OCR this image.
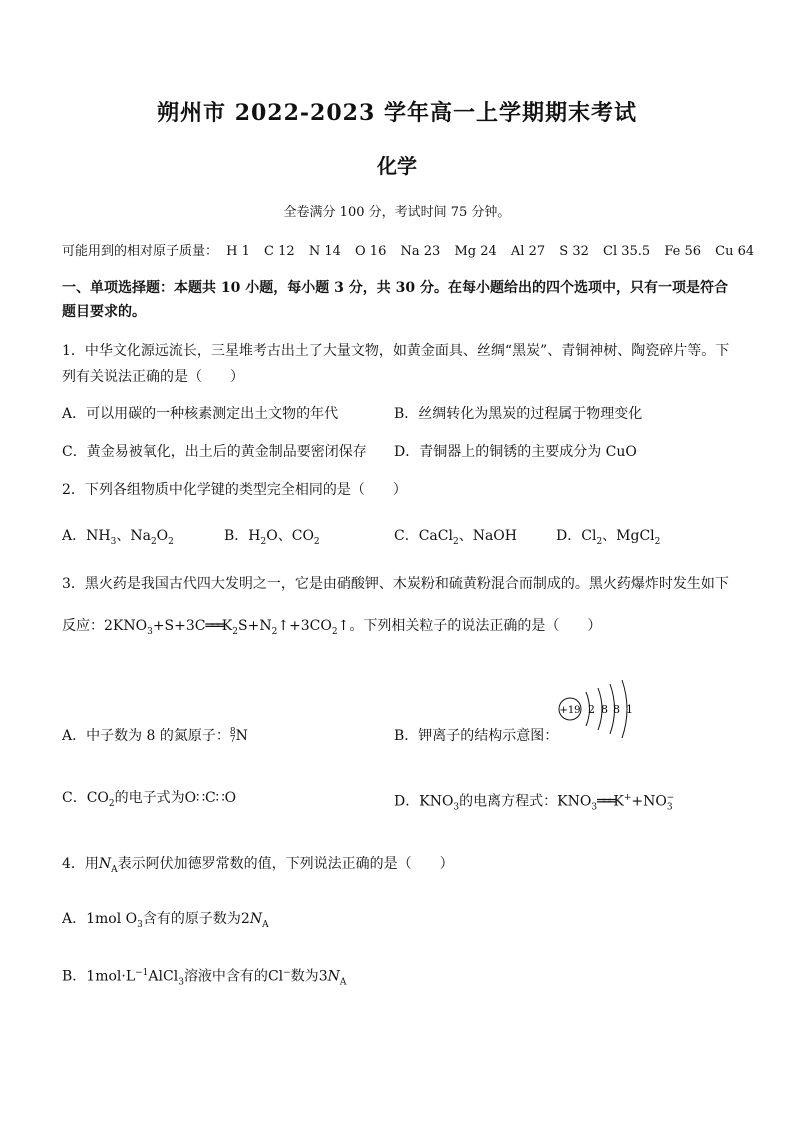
朔州市 2022-2023 学年高一上学期期末考试
化学
全卷满分 100 分，考试时间 75 分钟。
可能用到的相对原子质量： H 1 C 12 N 14 O 16 Na 23 Mg 24 Al 27 S 32 Cl 35.5 Fe 56 Cu 64
一、单项选择题：本题共 10 小题，每小题 3 分，共 30 分。在每小题给出的四个选项中，只有一项是符合题目要求的。
1．中华文化源远流长，三星堆考古出土了大量文物，如黄金面具、丝绸“黑炭”、青铜神树、陶瓷碎片等。下列有关说法正确的是（　　）
A．可以用碳的一种核素测定出土文物的年代	B．丝绸转化为黑炭的过程属于物理变化
C．黄金易被氧化，出土后的黄金制品要密闭保存 D．青铜器上的铜锈的主要成分为 CuO
2．下列各组物质中化学键的类型完全相同的是（　　）
A．$NH_3$、$Na_2O_2$	B．$H_2O$、$CO_2$	C．CaCl$_2$、NaOH	D．$Cl_2$、MgCl$_2$
3．黑火药是我国古代四大发明之一，它是由硝酸钾、木炭粉和硫黄粉混合而制成的。黑火药爆炸时发生如下
反应：$2KNO_3+S+3C═══K_2S+N_2↑+3CO_2↑$。下列相关粒子的说法正确的是（　　）
A．中子数为 8 的氮原子：8
7N	B．钾离子的结构示意图：
+19 2 8 8 1
C．$CO_2$的电子式为O∷C∷O	D．$KNO_3$的电离方程式：$KNO_3═══K^++NO_3^-$
4．用$N_A$表示阿伏加德罗常数的值，下列说法正确的是（　　）
A．1mol $O_3$含有的原子数为$2N_A$
B．$1mol\cdot L^{-1}AlCl_3$溶液中含有的Cl−数为$3N_A$
